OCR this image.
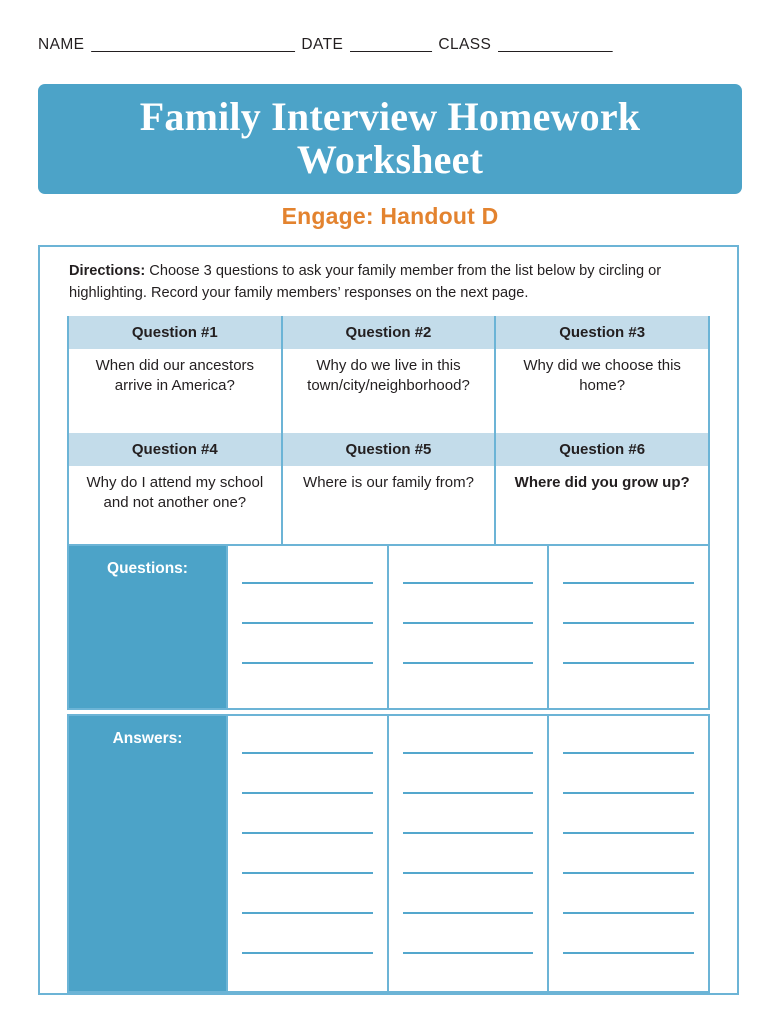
NAME _________________________ DATE __________ CLASS ______________
Family Interview Homework Worksheet
Engage: Handout D
Directions: Choose 3 questions to ask your family member from the list below by circling or highlighting. Record your family members’ responses on the next page.
Question #1	Question #2	Question #3
When did our ancestors arrive in America?	Why do we live in this town/city/neighborhood?	Why did we choose this home?
Question #4	Question #5	Question #6
Why do I attend my school and not another one?	Where is our family from?	Where did you grow up?
Questions:
Answers:
